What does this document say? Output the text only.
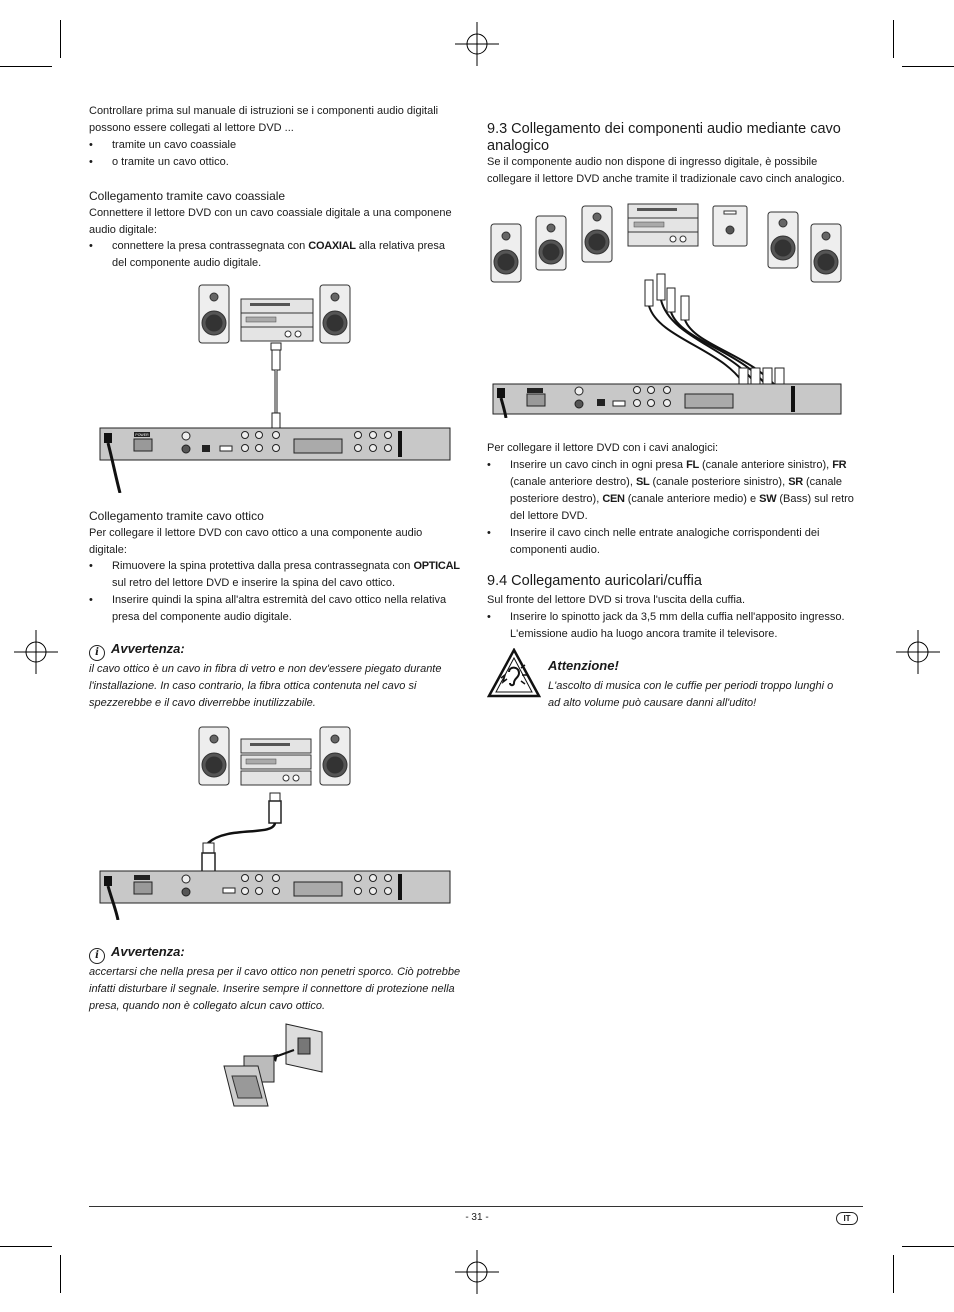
Controllare prima sul manuale di istruzioni se i componenti audio digitali possono essere collegati al lettore DVD ...
• tramite un cavo coassiale
• o tramite un cavo ottico.
Collegamento tramite cavo coassiale
Connettere il lettore DVD con un cavo coassiale digitale a una componene audio digitale:
• connettere la presa contrassegnata con COAXIAL alla relativa presa del componente audio digitale.
POWER
Collegamento tramite cavo ottico
Per collegare il lettore DVD con cavo ottico a una componente audio digitale:
• Rimuovere la spina protettiva dalla presa contrassegnata con OPTICAL sul retro del lettore DVD e inserire la spina del cavo ottico.
• Inserire quindi la spina all'altra estremità del cavo ottico nella relativa presa del componente audio digitale.
i Avvertenza:
il cavo ottico è un cavo in fibra di vetro e non dev'essere piegato durante l'installazione. In caso contrario, la fibra ottica contenuta nel cavo si spezzerebbe e il cavo diverrebbe inutilizzabile.
i Avvertenza:
accertarsi che nella presa per il cavo ottico non penetri sporco. Ciò potrebbe infatti disturbare il segnale. Inserire sempre il connettore di protezione nella presa, quando non è collegato alcun cavo ottico.
9.3 Collegamento dei componenti audio mediante cavo analogico
Se il componente audio non dispone di ingresso digitale, è possibile collegare il lettore DVD anche tramite il tradizionale cavo cinch analogico.
Per collegare il lettore DVD con i cavi analogici:
• Inserire un cavo cinch in ogni presa FL (canale anteriore sinistro), FR (canale anteriore destro), SL (canale posteriore sinistro), SR (canale posteriore destro), CEN (canale anteriore medio) e SW (Bass) sul retro del lettore DVD.
• Inserire il cavo cinch nelle entrate analogiche corrispondenti dei componenti audio.
9.4 Collegamento auricolari/cuffia
Sul fronte del lettore DVD si trova l'uscita della cuffia.
• Inserire lo spinotto jack da 3,5 mm della cuffia nell'apposito ingresso. L'emissione audio ha luogo ancora tramite il televisore.
Attenzione!
L'ascolto di musica con le cuffie per periodi troppo lunghi o ad alto volume può causare danni all'udito!
- 31 -	IT
